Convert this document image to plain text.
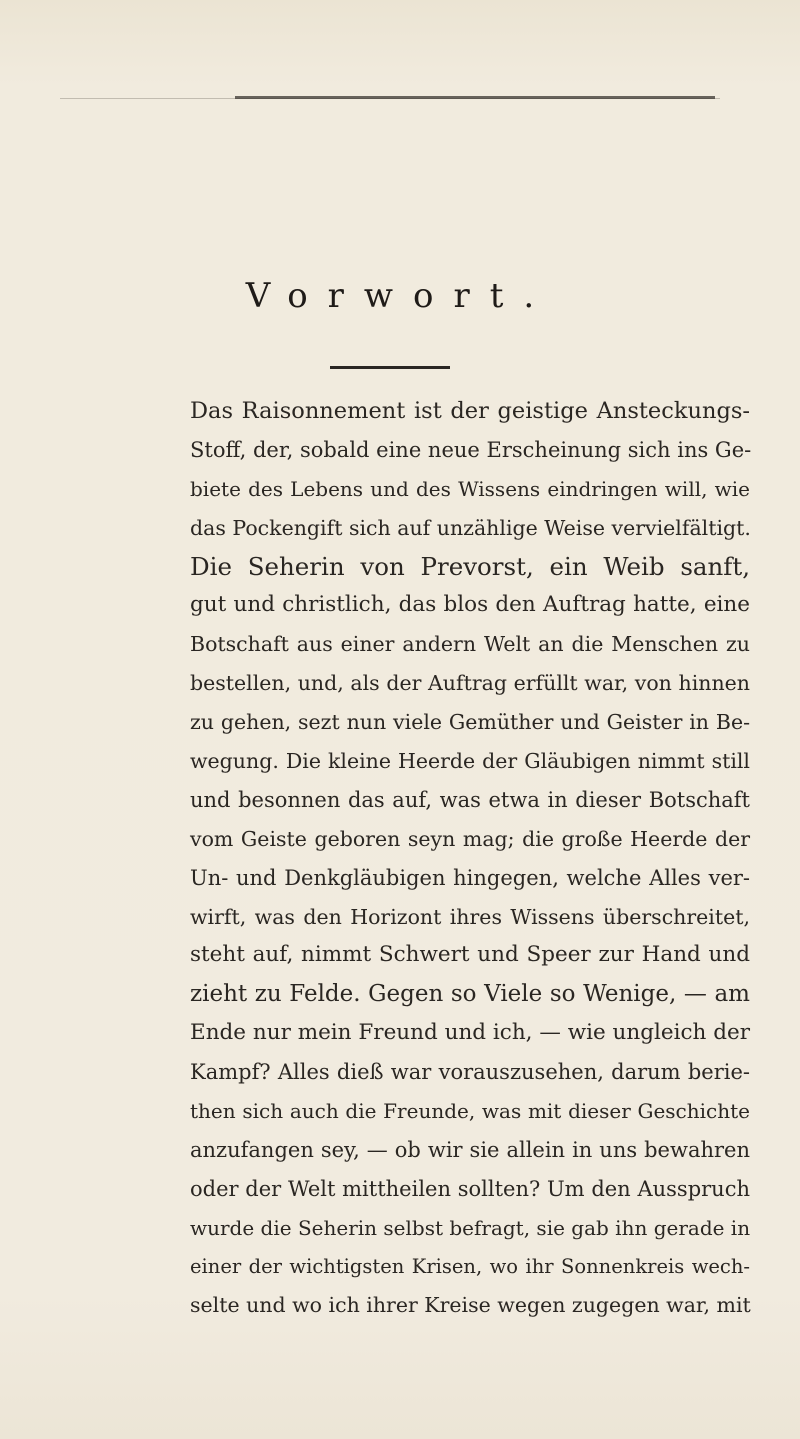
Vorwort.
Das Raisonnement ist der geistige Ansteckungs-
Stoff, der, sobald eine neue Erscheinung sich ins Ge-
biete des Lebens und des Wissens eindringen will, wie
das Pockengift sich auf unzählige Weise vervielfältigt.
Die Seherin von Prevorst, ein Weib sanft,
gut und christlich, das blos den Auftrag hatte, eine
Botschaft aus einer andern Welt an die Menschen zu
bestellen, und, als der Auftrag erfüllt war, von hinnen
zu gehen, sezt nun viele Gemüther und Geister in Be-
wegung. Die kleine Heerde der Gläubigen nimmt still
und besonnen das auf, was etwa in dieser Botschaft
vom Geiste geboren seyn mag; die große Heerde der
Un- und Denkgläubigen hingegen, welche Alles ver-
wirft, was den Horizont ihres Wissens überschreitet,
steht auf, nimmt Schwert und Speer zur Hand und
zieht zu Felde. Gegen so Viele so Wenige, — am
Ende nur mein Freund und ich, — wie ungleich der
Kampf? Alles dieß war vorauszusehen, darum berie-
then sich auch die Freunde, was mit dieser Geschichte
anzufangen sey, — ob wir sie allein in uns bewahren
oder der Welt mittheilen sollten? Um den Ausspruch
wurde die Seherin selbst befragt, sie gab ihn gerade in
einer der wichtigsten Krisen, wo ihr Sonnenkreis wech-
selte und wo ich ihrer Kreise wegen zugegen war, mit
